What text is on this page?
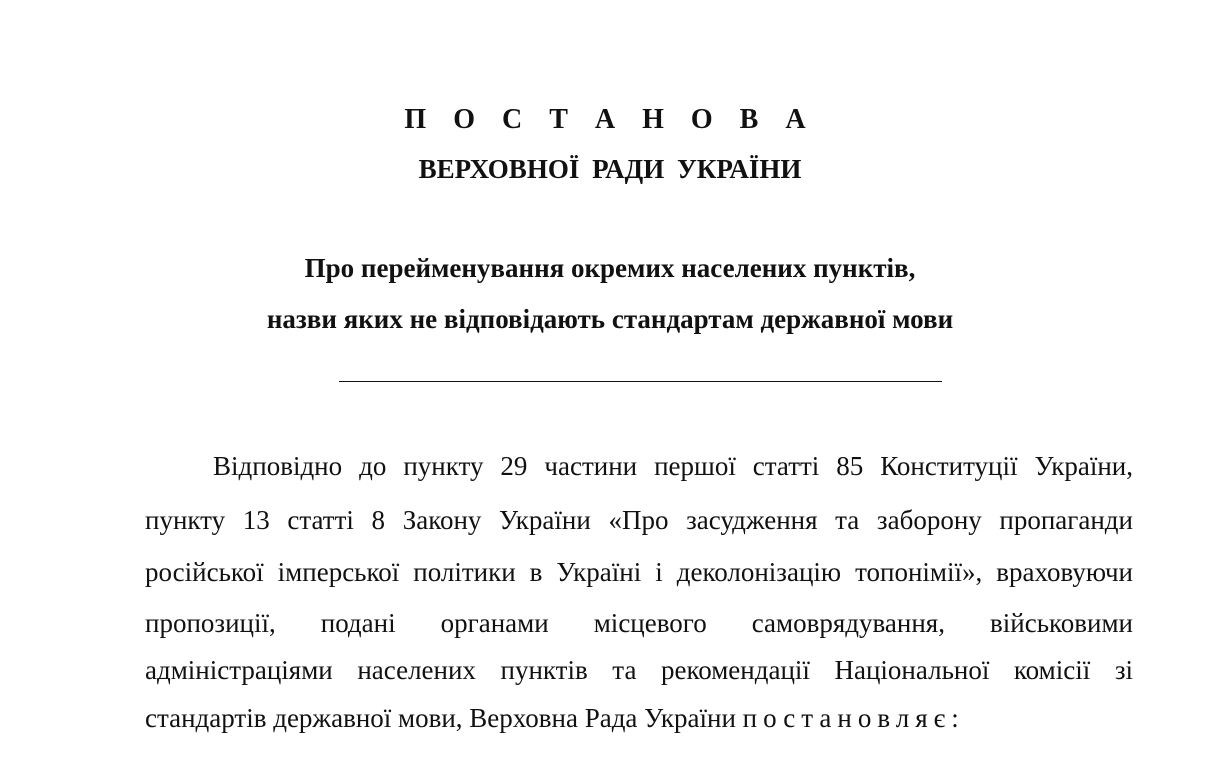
П О С Т А Н О В А
ВЕРХОВНОЇ РАДИ УКРАЇНИ
Про перейменування окремих населених пунктів,
назви яких не відповідають стандартам державної мови
Відповідно до пункту 29 частини першої статті 85 Конституції України,
пункту 13 статті 8 Закону України «Про засудження та заборону пропаганди
російської імперської політики в Україні і деколонізацію топонімії», враховуючи
пропозиції, подані органами місцевого самоврядування, військовими
адміністраціями населених пунктів та рекомендації Національної комісії зі
стандартів державної мови, Верховна Рада України постановляє:
